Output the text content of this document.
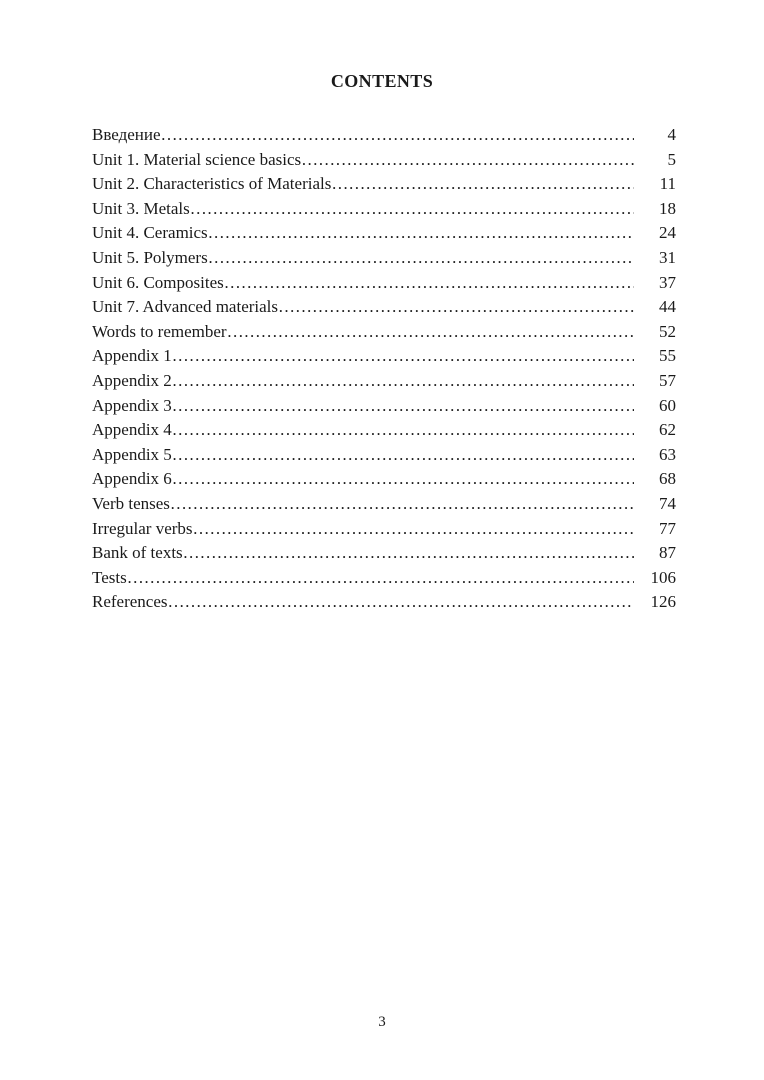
CONTENTS
Введение ……………………………………………………………………………………………………………………………………	4
Unit 1. Material science basics ……………………………………………………………………………………………………………………………………	5
Unit 2. Characteristics of Materials ……………………………………………………………………………………………………………………………………	11
Unit 3. Metals ……………………………………………………………………………………………………………………………………	18
Unit 4. Ceramics ……………………………………………………………………………………………………………………………………	24
Unit 5. Polymers ……………………………………………………………………………………………………………………………………	31
Unit 6. Composites ……………………………………………………………………………………………………………………………………	37
Unit 7. Advanced materials ……………………………………………………………………………………………………………………………………	44
Words to remember ……………………………………………………………………………………………………………………………………	52
Appendix 1 ……………………………………………………………………………………………………………………………………	55
Appendix 2 ……………………………………………………………………………………………………………………………………	57
Appendix 3 ……………………………………………………………………………………………………………………………………	60
Appendix 4 ……………………………………………………………………………………………………………………………………	62
Appendix 5 ……………………………………………………………………………………………………………………………………	63
Appendix 6 ……………………………………………………………………………………………………………………………………	68
Verb tenses ……………………………………………………………………………………………………………………………………	74
Irregular verbs ……………………………………………………………………………………………………………………………………	77
Bank of texts ……………………………………………………………………………………………………………………………………	87
Tests ……………………………………………………………………………………………………………………………………	106
References ……………………………………………………………………………………………………………………………………	126
3
